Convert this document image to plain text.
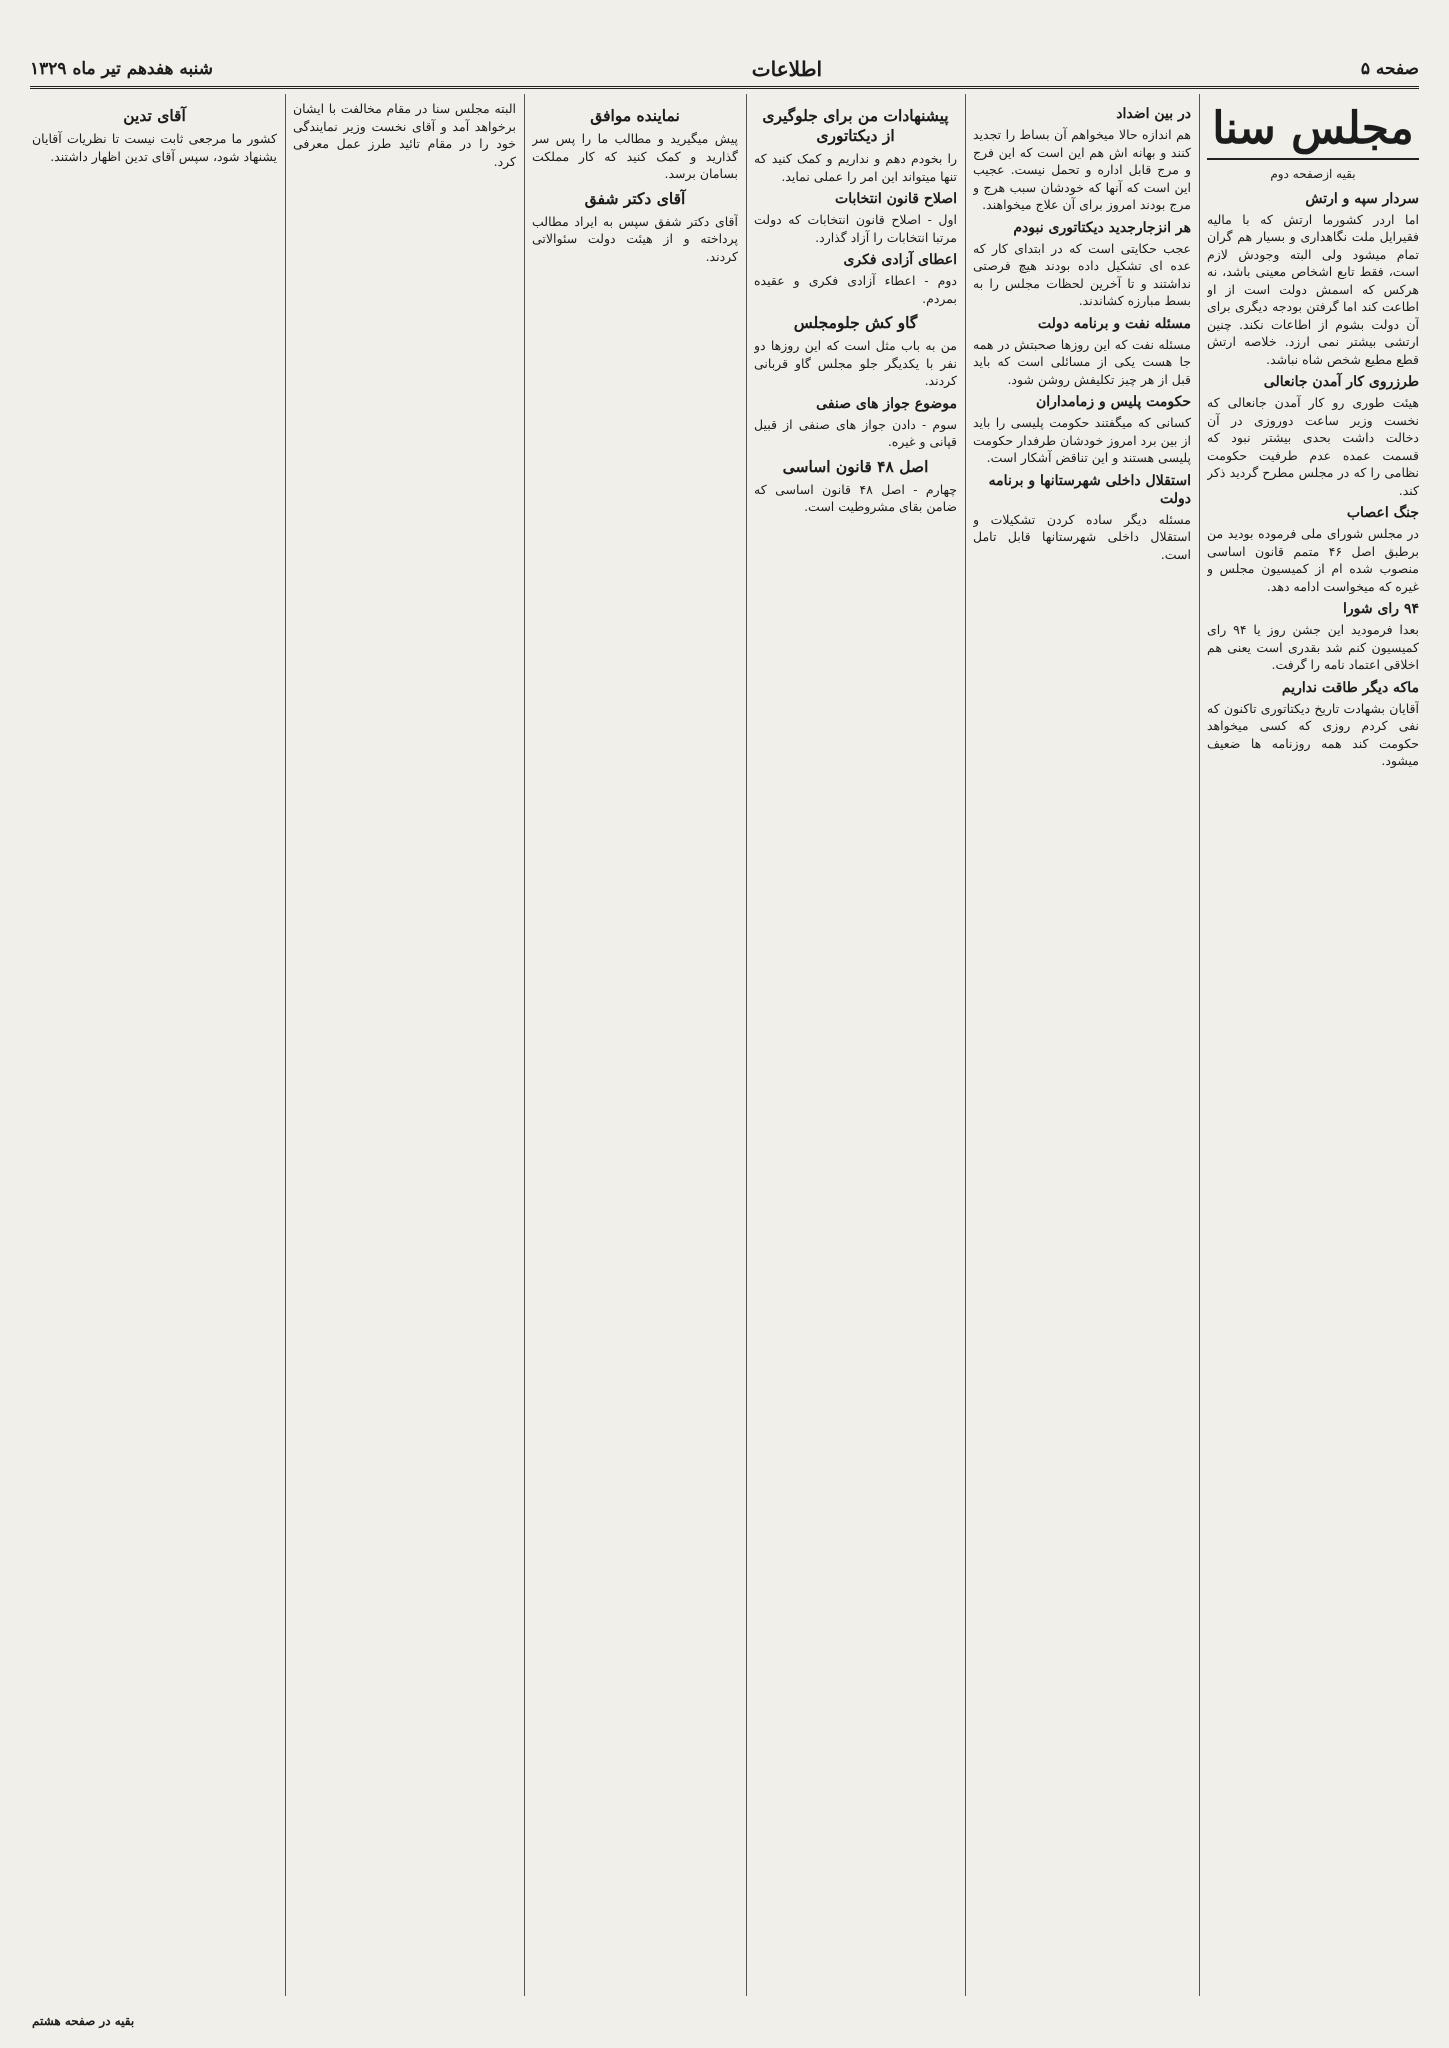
صفحه ۵
اطلاعات
شنبه هفدهم تیر ماه ۱۳۲۹
مجلس سنا
بقیه ازصفحه دوم
سردار سپه و ارتش

اما اردر کشورما ارتش که با مالیه فقیرایل ملت نگاهداری و بسیار هم گران تمام میشود ولی البته وجودش لازم است، فقط تابع اشخاص معینی باشد، نه هرکس که اسمش دولت است از او اطاعت کند اما گرفتن بودجه دیگری برای آن دولت بشوم از اطاعات نکند. چنین ارتشی بیشتر نمی ارزد. خلاصه ارتش قطع مطیع شخص شاه نباشد.

طرزروی کار آمدن جانعالی

هیئت طوری رو کار آمدن جانعالی که نخست وزیر ساعت دوروزی در آن دخالت داشت بحدی بیشتر نبود که قسمت عمده عدم طرفیت حکومت نظامی را که در مجلس مطرح گردید ذکر کند.

جنگ اعصاب

در مجلس شورای ملی فرموده بودید من برطبق اصل ۴۶ متمم قانون اساسی منصوب شده ام از کمیسیون مجلس و غیره که میخواست ادامه دهد.

۹۴ رای شورا

بعدا فرمودید این جشن روز یا ۹۴ رای کمیسیون کنم شد بقدری است یعنی هم اخلاقی اعتماد نامه را گرفت.

ماکه دیگر طاقت نداریم

آقایان بشهادت تاریخ دیکتاتوری تاکنون که نفی کردم روزی که کسی میخواهد حکومت کند همه روزنامه ها ضعیف میشود.

در بین اضداد

هم اندازه حالا میخواهم آن بساط را تجدید کنند و بهانه اش هم این است که این فرج و مرج قابل اداره و تحمل نیست. عجیب این است که آنها که خودشان سبب هرج و مرج بودند امروز برای آن علاج میخواهند.

هر انزجارجدید دیکتاتوری نبودم

عجب حکایتی است که در ابتدای کار که عده ای تشکیل داده بودند هیچ فرصتی نداشتند و تا آخرین لحظات مجلس را به بسط مبارزه کشاندند.

مسئله نفت و برنامه دولت

مسئله نفت که این روزها صحبتش در همه جا هست یکی از مسائلی است که باید قبل از هر چیز تکلیفش روشن شود.

حکومت پلیس و زمامداران

کسانی که میگفتند حکومت پلیسی را باید از بین برد امروز خودشان طرفدار حکومت پلیسی هستند و این تناقض آشکار است.

استقلال داخلی شهرستانها و برنامه دولت

مسئله دیگر ساده کردن تشکیلات و استقلال داخلی شهرستانها قابل تامل است.

پیشنهادات من برای جلوگیری از دیکتاتوری

را بخودم دهم و نداریم و کمک کنید که تنها میتواند این امر را عملی نماید.

اصلاح قانون انتخابات

اول - اصلاح قانون انتخابات که دولت مرتبا انتخابات را آزاد گذارد.

اعطای آزادی فکری

دوم - اعطاء آزادی فکری و عقیده بمردم.

گاو کش جلومجلس

من به باب مثل است که این روزها دو نفر با یکدیگر جلو مجلس گاو قربانی کردند.

موضوع جواز های صنفی

سوم - دادن جواز های صنفی از قبیل قپانی و غیره.

اصل ۴۸ قانون اساسی

چهارم - اصل ۴۸ قانون اساسی که ضامن بقای مشروطیت است.

نماینده موافق

پیش میگیرید و مطالب ما را پس سر گذارید و کمک کنید که کار مملکت بسامان برسد.

آقای دکتر شفق

آقای دکتر شفق سپس به ایراد مطالب پرداخته و از هیئت دولت سئوالاتی کردند.

البته مجلس سنا در مقام مخالفت با ایشان برخواهد آمد و آقای نخست وزیر نمایندگی خود را در مقام تائید طرز عمل معرفی کرد.

آقای تدین

کشور ما مرجعی ثابت نیست تا نظریات آقایان یشنهاد شود، سپس آقای تدین اظهار داشتند.

بقیه در صفحه هشتم
